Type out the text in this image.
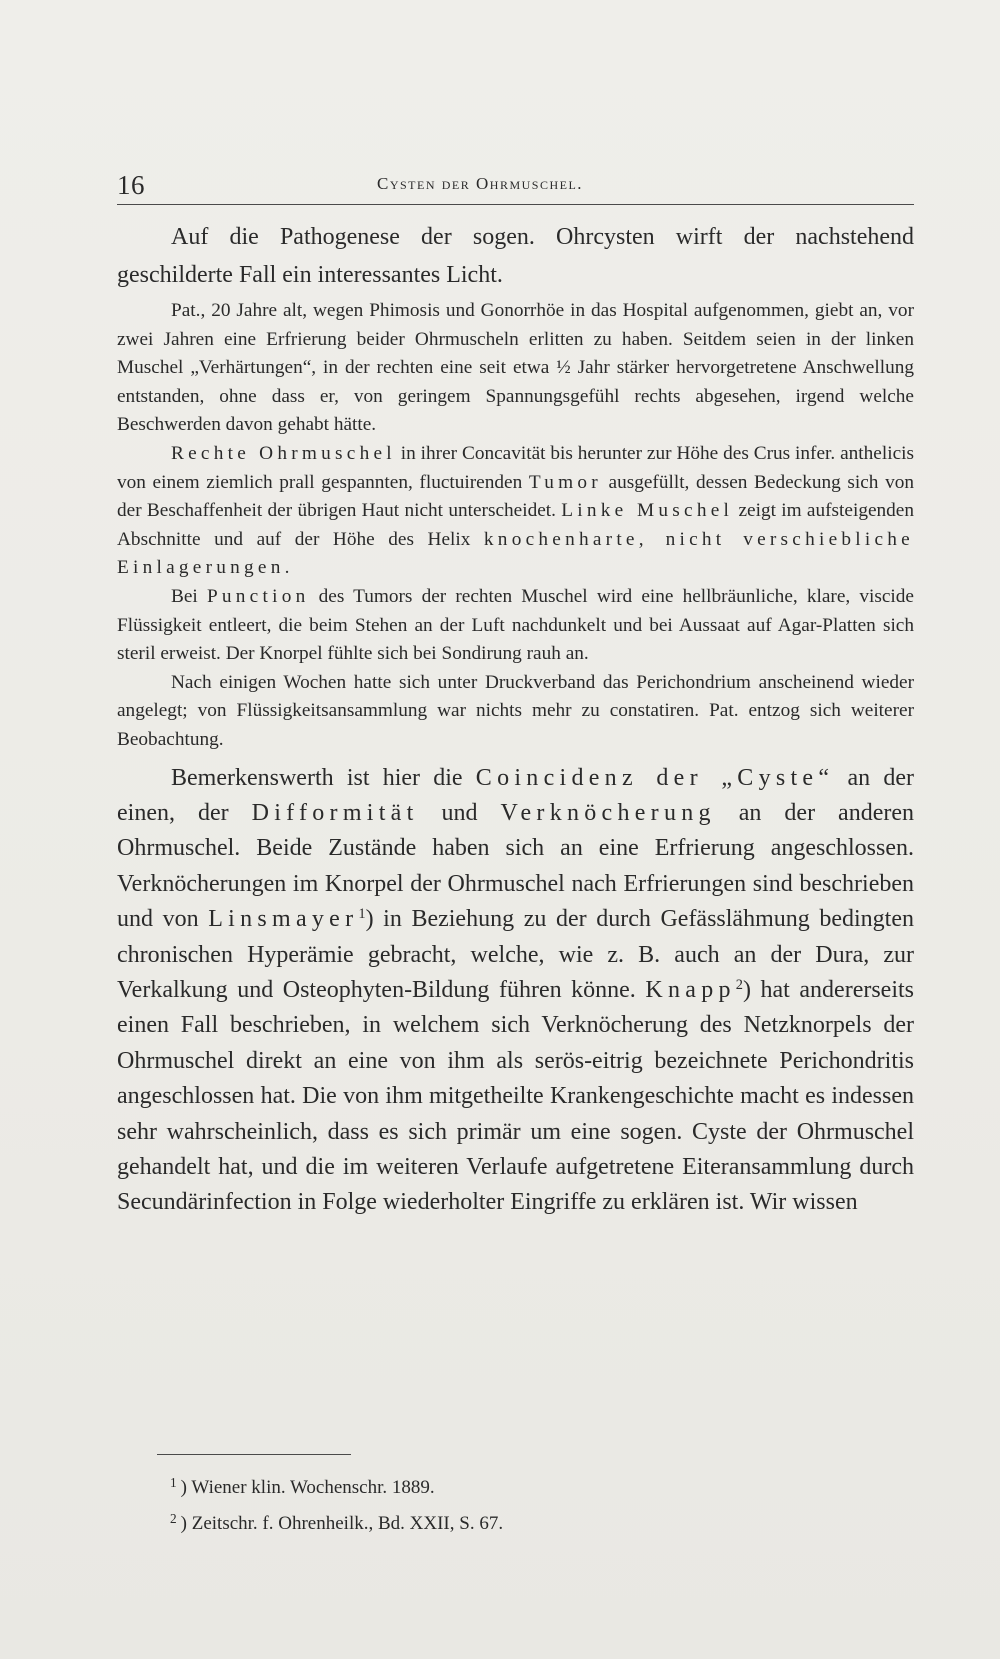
16	Cysten der Ohrmuschel.

Auf die Pathogenese der sogen. Ohrcysten wirft der nachstehend geschilderte Fall ein interessantes Licht.

Pat., 20 Jahre alt, wegen Phimosis und Gonorrhöe in das Hospital aufgenommen, giebt an, vor zwei Jahren eine Erfrierung beider Ohrmuscheln erlitten zu haben. Seitdem seien in der linken Muschel „Verhärtungen“, in der rechten eine seit etwa ½ Jahr stärker hervorgetretene Anschwellung entstanden, ohne dass er, von geringem Spannungsgefühl rechts abgesehen, irgend welche Beschwerden davon gehabt hätte.

Rechte Ohrmuschel in ihrer Concavität bis herunter zur Höhe des Crus infer. anthelicis von einem ziemlich prall gespannten, fluctuirenden Tumor ausgefüllt, dessen Bedeckung sich von der Beschaffenheit der übrigen Haut nicht unterscheidet. Linke Muschel zeigt im aufsteigenden Abschnitte und auf der Höhe des Helix knochenharte, nicht verschiebliche Einlagerungen.

Bei Punction des Tumors der rechten Muschel wird eine hellbräunliche, klare, viscide Flüssigkeit entleert, die beim Stehen an der Luft nachdunkelt und bei Aussaat auf Agar-Platten sich steril erweist. Der Knorpel fühlte sich bei Sondirung rauh an.

Nach einigen Wochen hatte sich unter Druckverband das Perichondrium anscheinend wieder angelegt; von Flüssigkeitsansammlung war nichts mehr zu constatiren. Pat. entzog sich weiterer Beobachtung.

Bemerkenswerth ist hier die Coincidenz der „Cyste“ an der einen, der Difformität und Verknöcherung an der anderen Ohrmuschel. Beide Zustände haben sich an eine Erfrierung angeschlossen. Verknöcherungen im Knorpel der Ohrmuschel nach Erfrierungen sind beschrieben und von Linsmayer$^1$) in Beziehung zu der durch Gefässlähmung bedingten chronischen Hyperämie gebracht, welche, wie z. B. auch an der Dura, zur Verkalkung und Osteophyten-Bildung führen könne. Knapp$^2$) hat andererseits einen Fall beschrieben, in welchem sich Verknöcherung des Netzknorpels der Ohrmuschel direkt an eine von ihm als serös-eitrig bezeichnete Perichondritis angeschlossen hat. Die von ihm mitgetheilte Krankengeschichte macht es indessen sehr wahrscheinlich, dass es sich primär um eine sogen. Cyste der Ohrmuschel gehandelt hat, und die im weiteren Verlaufe aufgetretene Eiteransammlung durch Secundärinfection in Folge wiederholter Eingriffe zu erklären ist. Wir wissen

$^1$ ) Wiener klin. Wochenschr. 1889.

$^2$ ) Zeitschr. f. Ohrenheilk., Bd. XXII, S. 67.
